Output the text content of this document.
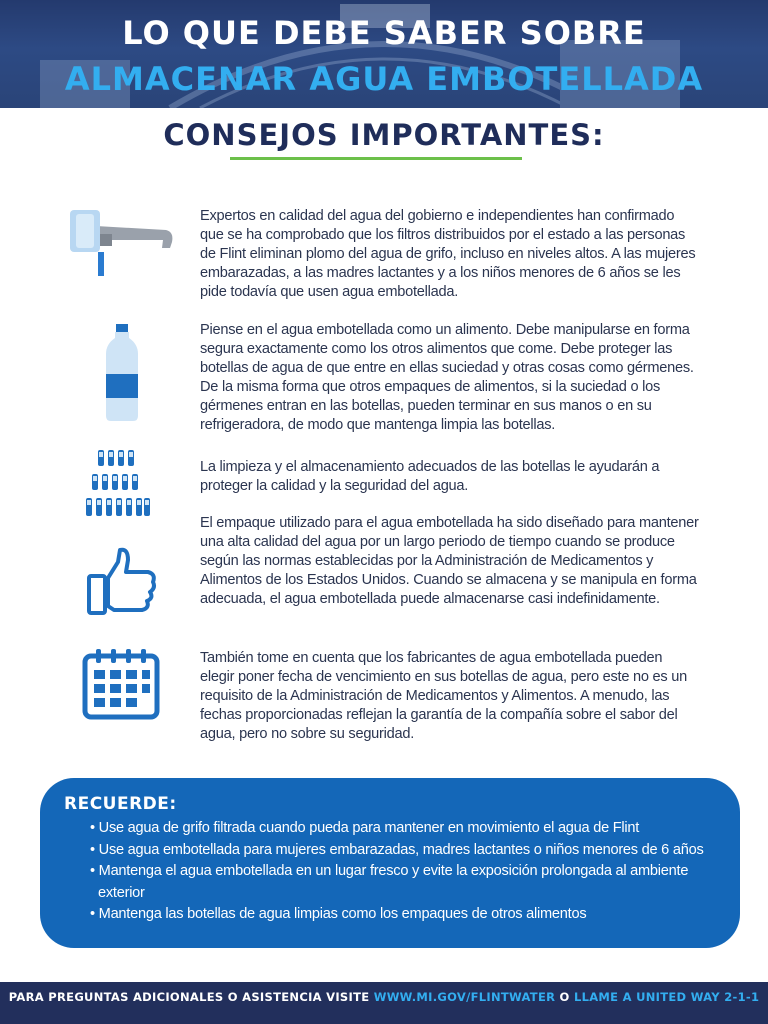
LO QUE DEBE SABER SOBRE
ALMACENAR AGUA EMBOTELLADA
CONSEJOS IMPORTANTES:
Expertos en calidad del agua del gobierno e independientes han confirmado que se ha comprobado que los filtros distribuidos por el estado a las personas de Flint eliminan plomo del agua de grifo, incluso en niveles altos. A las mujeres embarazadas, a las madres lactantes y a los niños menores de 6 años se les pide todavía que usen agua embotellada.
Piense en el agua embotellada como un alimento. Debe manipularse en forma segura exactamente como los otros alimentos que come. Debe proteger las botellas de agua de que entre en ellas suciedad y otras cosas como gérmenes. De la misma forma que otros empaques de alimentos, si la suciedad o los gérmenes entran en las botellas, pueden terminar en sus manos o en su refrigeradora, de modo que mantenga limpia las botellas.
La limpieza y el almacenamiento adecuados de las botellas le ayudarán a proteger la calidad y la seguridad del agua.
El empaque utilizado para el agua embotellada ha sido diseñado para mantener una alta calidad del agua por un largo periodo de tiempo cuando se produce según las normas establecidas por la Administración de Medicamentos y Alimentos de los Estados Unidos. Cuando se almacena y se manipula en forma adecuada, el agua embotellada puede almacenarse casi indefinidamente.
También tome en cuenta que los fabricantes de agua embotellada pueden elegir poner fecha de vencimiento en sus botellas de agua, pero este no es un requisito de la Administración de Medicamentos y Alimentos. A menudo, las fechas proporcionadas reflejan la garantía de la compañía sobre el sabor del agua, pero no sobre su seguridad.
RECUERDE:
• Use agua de grifo filtrada cuando pueda para mantener en movimiento el agua de Flint
• Use agua embotellada para mujeres embarazadas, madres lactantes o niños menores de 6 años
• Mantenga el agua embotellada en un lugar fresco y evite la exposición prolongada al ambiente exterior
• Mantenga las botellas de agua limpias como los empaques de otros alimentos
PARA PREGUNTAS ADICIONALES O ASISTENCIA VISITE WWW.MI.GOV/FLINTWATER O LLAME A UNITED WAY 2-1-1
